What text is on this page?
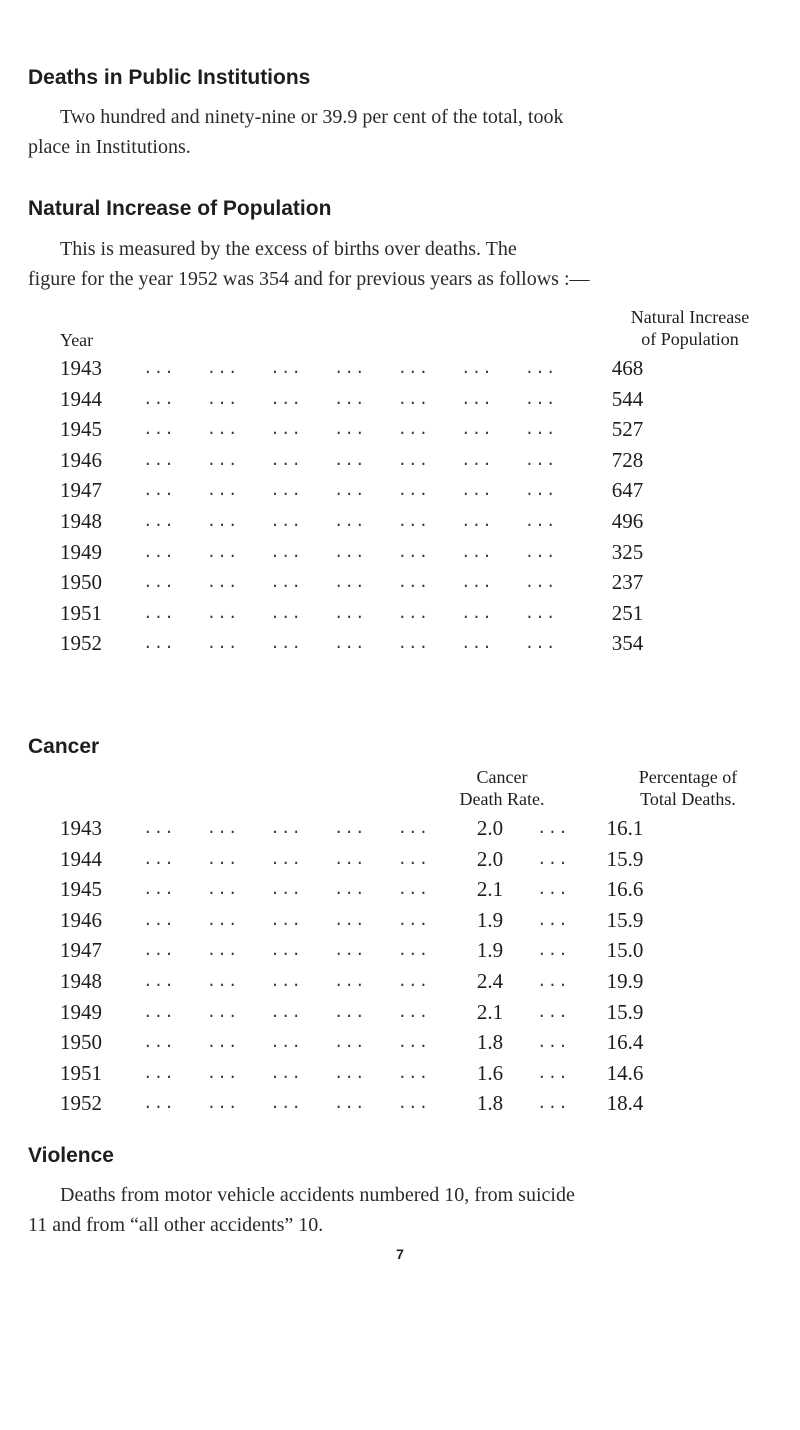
Deaths in Public Institutions
Two hundred and ninety-nine or 39.9 per cent of the total, took
place in Institutions.
Natural Increase of Population
This is measured by the excess of births over deaths. The
figure for the year 1952 was 354 and for previous years as follows :—
Natural Increase
of Population
Year
1943	...   ...   ...   ...   ...   ...   ...	468
1944	...   ...   ...   ...   ...   ...   ...	544
1945	...   ...   ...   ...   ...   ...   ...	527
1946	...   ...   ...   ...   ...   ...   ...	728
1947	...   ...   ...   ...   ...   ...   ...	647
1948	...   ...   ...   ...   ...   ...   ...	496
1949	...   ...   ...   ...   ...   ...   ...	325
1950	...   ...   ...   ...   ...   ...   ...	237
1951	...   ...   ...   ...   ...   ...   ...	251
1952	...   ...   ...   ...   ...   ...   ...	354
Cancer
Cancer
Death Rate.
Percentage of
Total Deaths.
1943	...   ...   ...   ...   ...	2.0	...	16.1
1944	...   ...   ...   ...   ...	2.0	...	15.9
1945	...   ...   ...   ...   ...	2.1	...	16.6
1946	...   ...   ...   ...   ...	1.9	...	15.9
1947	...   ...   ...   ...   ...	1.9	...	15.0
1948	...   ...   ...   ...   ...	2.4	...	19.9
1949	...   ...   ...   ...   ...	2.1	...	15.9
1950	...   ...   ...   ...   ...	1.8	...	16.4
1951	...   ...   ...   ...   ...	1.6	...	14.6
1952	...   ...   ...   ...   ...	1.8	...	18.4
Violence
Deaths from motor vehicle accidents numbered 10, from suicide
11 and from “all other accidents” 10.
7
